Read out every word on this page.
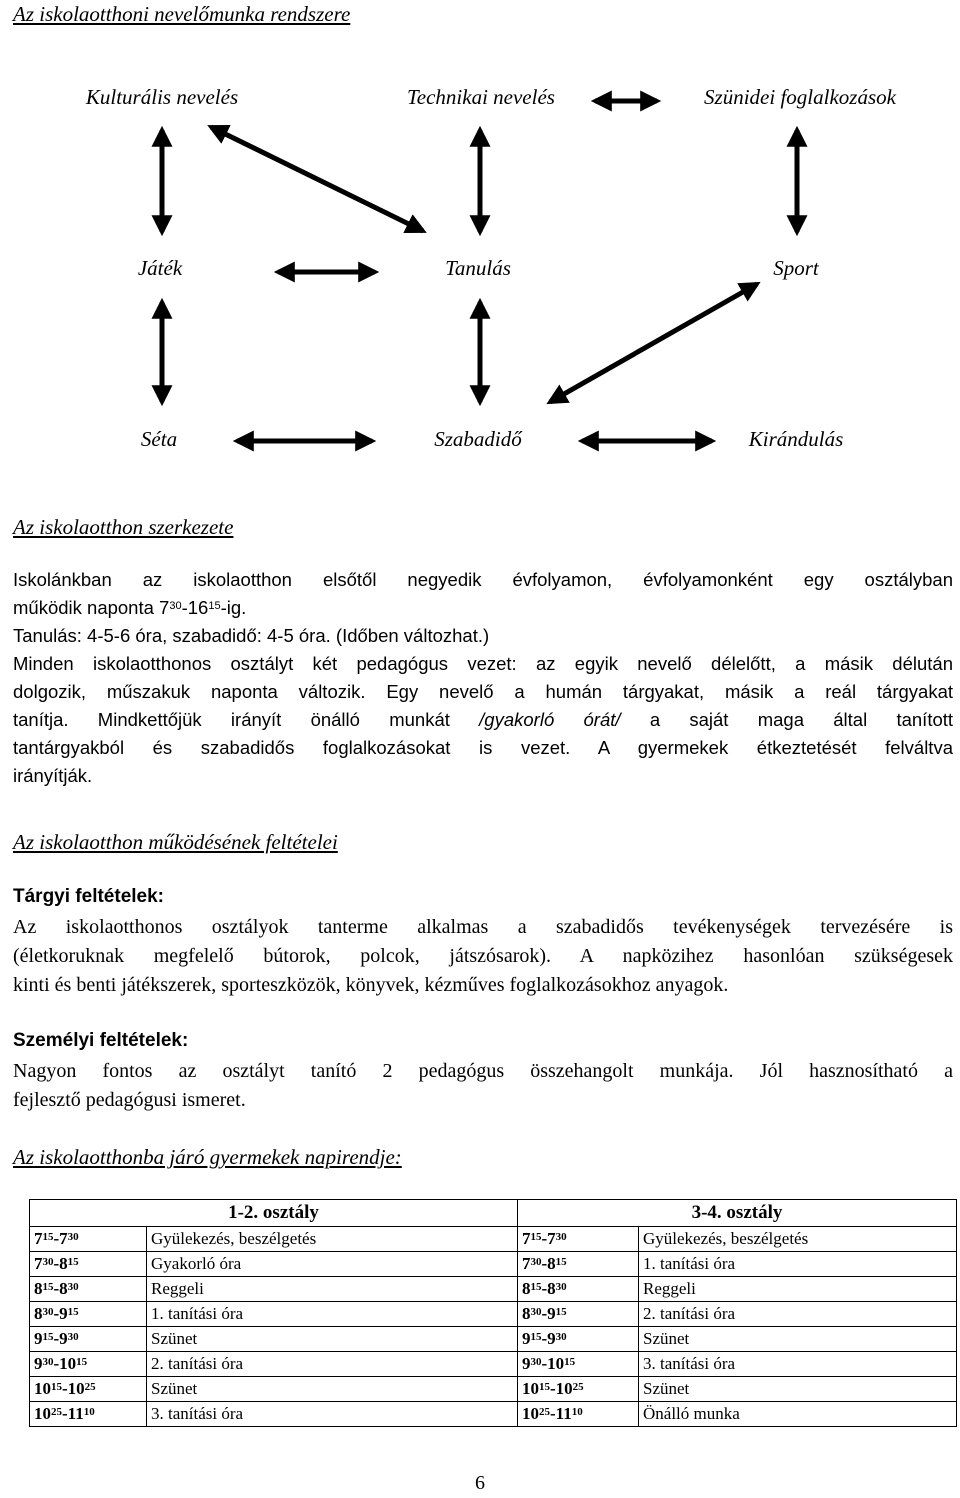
Az iskolaotthoni nevelőmunka rendszere
Kulturális nevelés	Technikai nevelés	Szünidei foglalkozások
Játék	Tanulás	Sport
Séta	Szabadidő	Kirándulás
Az iskolaotthon szerkezete
Iskolánkban az iskolaotthon elsőtől negyedik évfolyamon, évfolyamonként egy osztályban
működik naponta $7^{30}-16^{15}-ig$.
Tanulás: 4-5-6 óra, szabadidő: 4-5 óra. (Időben változhat.)
Minden iskolaotthonos osztályt két pedagógus vezet: az egyik nevelő délelőtt, a másik délután
dolgozik, műszakuk naponta változik. Egy nevelő a humán tárgyakat, másik a reál tárgyakat
tanítja. Mindkettőjük irányít önálló munkát /gyakorló órát/ a saját maga által tanított
tantárgyakból és szabadidős foglalkozásokat is vezet. A gyermekek étkeztetését felváltva
irányítják.
Az iskolaotthon működésének feltételei
Tárgyi feltételek:
Az iskolaotthonos osztályok tanterme alkalmas a szabadidős tevékenységek tervezésére is
(életkoruknak megfelelő bútorok, polcok, játszósarok). A napközihez hasonlóan szükségesek
kinti és benti játékszerek, sporteszközök, könyvek, kézműves foglalkozásokhoz anyagok.
Személyi feltételek:
Nagyon fontos az osztályt tanító 2 pedagógus összehangolt munkája. Jól hasznosítható a
fejlesztő pedagógusi ismeret.
Az iskolaotthonba járó gyermekek napirendje:
1-2. osztály		3-4. osztály	
$7^{15}-7^{30}$	Gyülekezés, beszélgetés	$7^{15}-7^{30}$	Gyülekezés, beszélgetés
$7^{30}-8^{15}$	Gyakorló óra	$7^{30}-8^{15}$	1. tanítási óra
$8^{15}-8^{30}$	Reggeli	$8^{15}-8^{30}$	Reggeli
$8^{30}-9^{15}$	1. tanítási óra	$8^{30}-9^{15}$	2. tanítási óra
$9^{15}-9^{30}$	Szünet	$9^{15}-9^{30}$	Szünet
$9^{30}-10^{15}$	2. tanítási óra	$9^{30}-10^{15}$	3. tanítási óra
$10^{15}-10^{25}$	Szünet	$10^{15}-10^{25}$	Szünet
$10^{25}-11^{10}$	3. tanítási óra	$10^{25}-11^{10}$	Önálló munka
6
